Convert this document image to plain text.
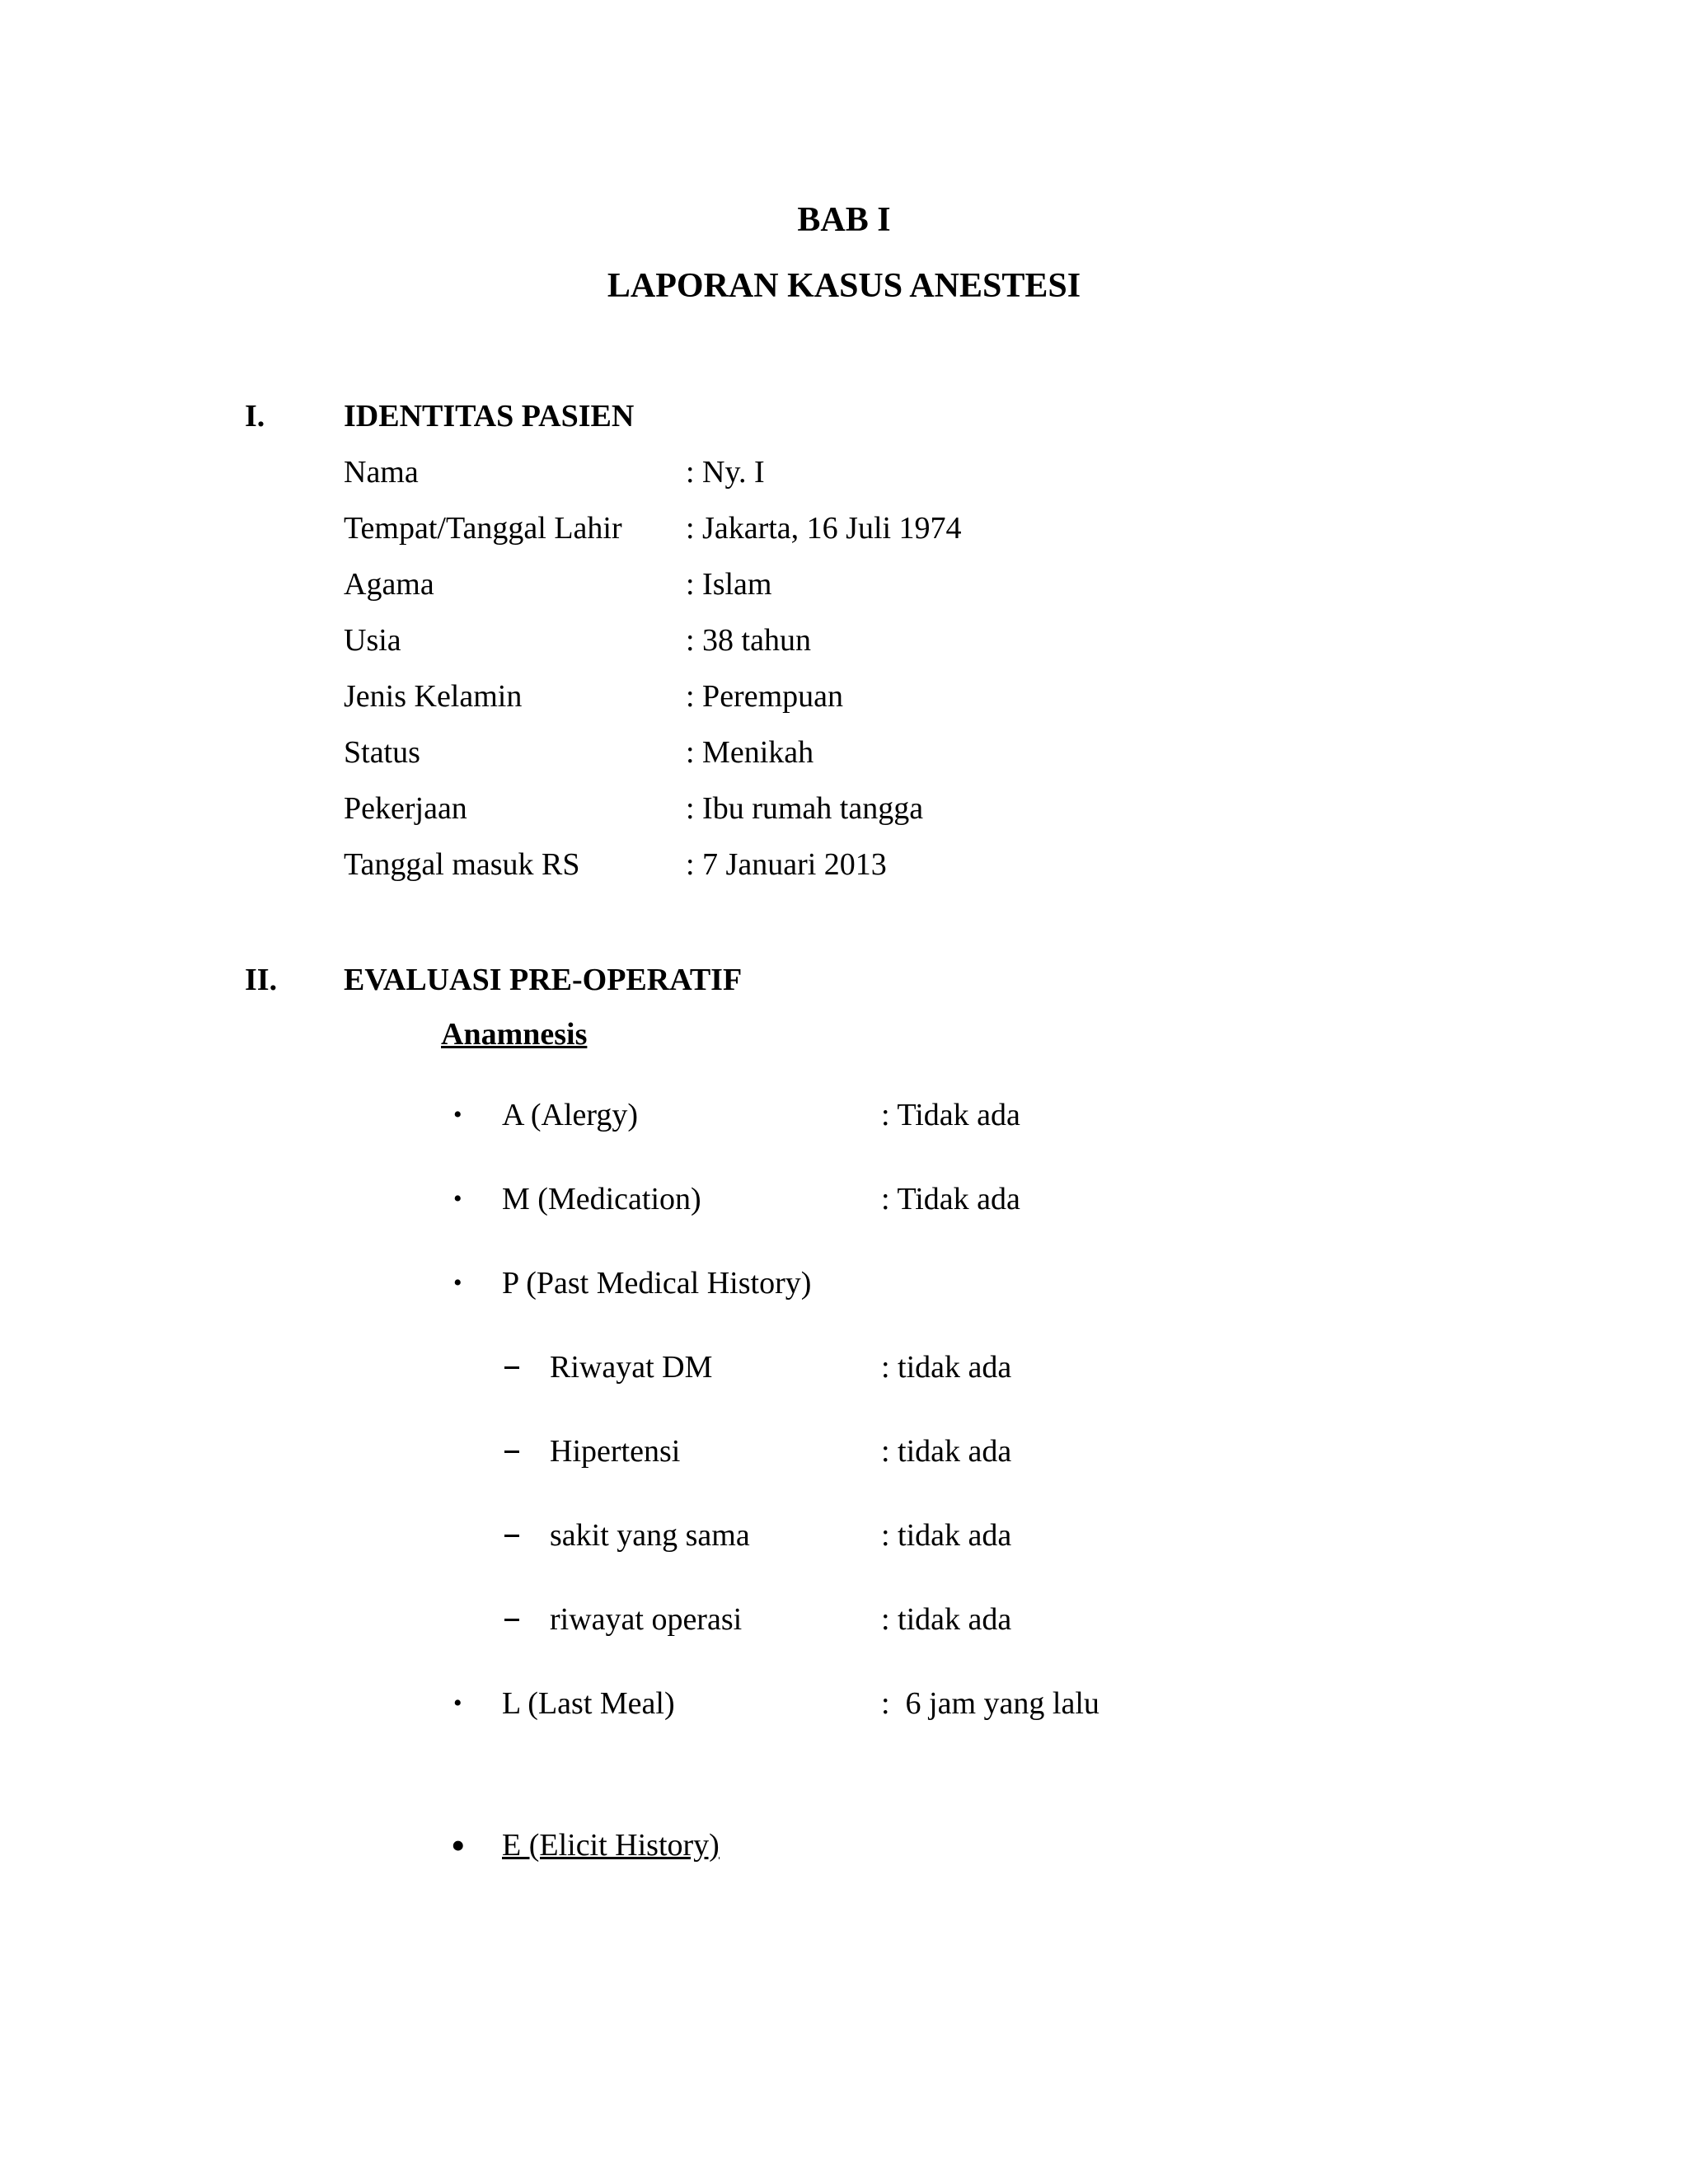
BAB I
LAPORAN KASUS ANESTESI
I.	IDENTITAS PASIEN
Nama	: Ny. I
Tempat/Tanggal Lahir : Jakarta, 16 Juli 1974
Agama	: Islam
Usia	: 38 tahun
Jenis Kelamin	: Perempuan
Status	: Menikah
Pekerjaan	: Ibu rumah tangga
Tanggal masuk RS	: 7 Januari 2013
II. EVALUASI PRE-OPERATIF
Anamnesis
• A (Alergy)	: Tidak ada
• M (Medication)	: Tidak ada
• P (Past Medical History)
Riwayat DM	: tidak ada
Hipertensi	: tidak ada
sakit yang sama	: tidak ada
riwayat operasi	: tidak ada
• L (Last Meal)	:  6 jam yang lalu
• E (Elicit History)
